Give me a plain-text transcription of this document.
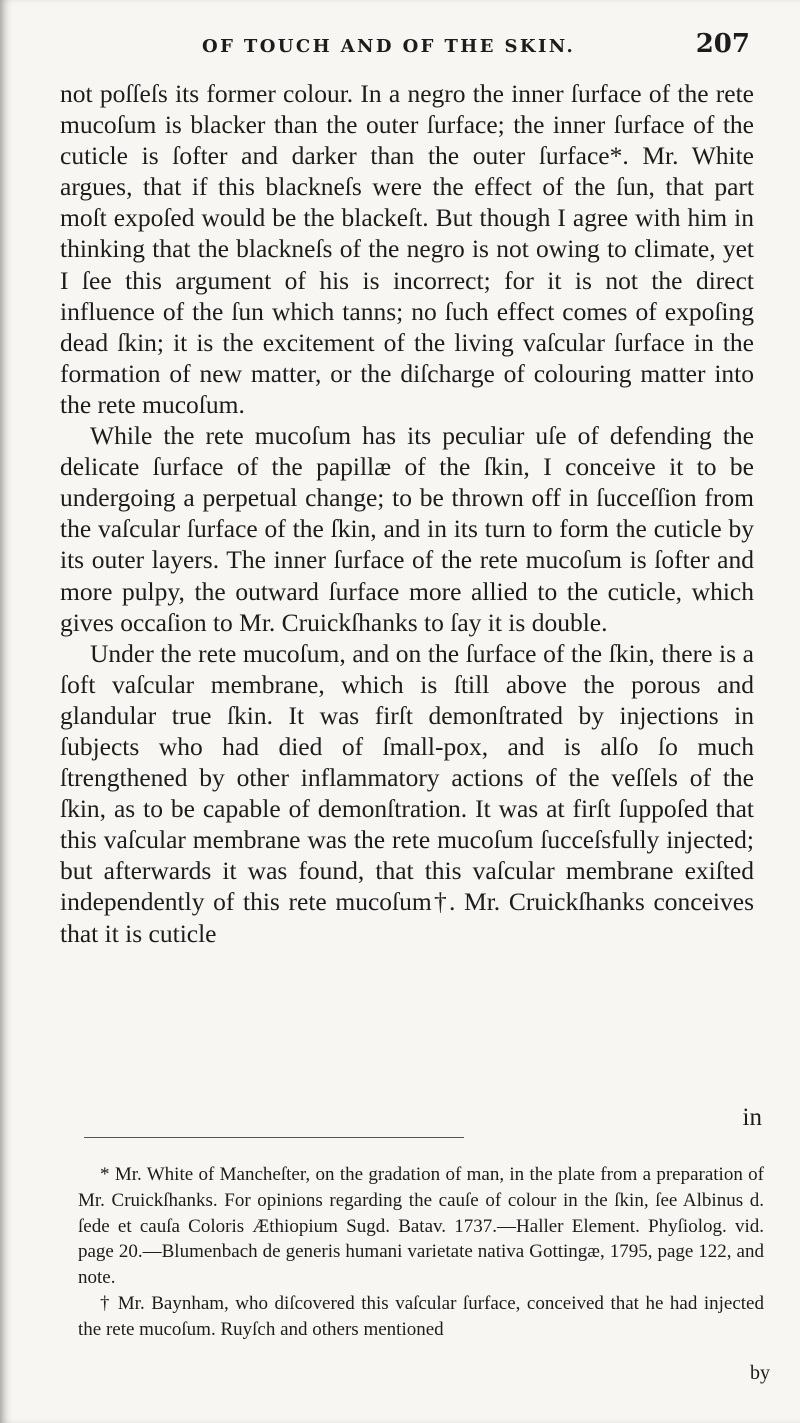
OF TOUCH AND OF THE SKIN.	207

not poſſeſs its former colour. In a negro the inner ſurface of the rete mucoſum is blacker than the outer ſurface; the inner ſurface of the cuticle is ſofter and darker than the outer ſurface*. Mr. White argues, that if this blackneſs were the effect of the ſun, that part moſt expoſed would be the blackeſt. But though I agree with him in thinking that the blackneſs of the negro is not owing to climate, yet I ſee this argument of his is incorrect; for it is not the direct influence of the ſun which tanns; no ſuch effect comes of expoſing dead ſkin; it is the excitement of the living vaſcular ſurface in the formation of new matter, or the diſcharge of colouring matter into the rete mucoſum.

While the rete mucoſum has its peculiar uſe of defending the delicate ſurface of the papillæ of the ſkin, I conceive it to be undergoing a perpetual change; to be thrown off in ſucceſſion from the vaſcular ſurface of the ſkin, and in its turn to form the cuticle by its outer layers. The inner ſurface of the rete mucoſum is ſofter and more pulpy, the outward ſurface more allied to the cuticle, which gives occaſion to Mr. Cruickſhanks to ſay it is double.

Under the rete mucoſum, and on the ſurface of the ſkin, there is a ſoft vaſcular membrane, which is ſtill above the porous and glandular true ſkin. It was firſt demonſtrated by injections in ſubjects who had died of ſmall-pox, and is alſo ſo much ſtrengthened by other inflammatory actions of the veſſels of the ſkin, as to be capable of demonſtration. It was at firſt ſuppoſed that this vaſcular membrane was the rete mucoſum ſucceſsfully injected; but afterwards it was found, that this vaſcular membrane exiſted independently of this rete mucoſum†. Mr. Cruickſhanks conceives that it is cuticle

in

* Mr. White of Mancheſter, on the gradation of man, in the plate from a preparation of Mr. Cruickſhanks. For opinions regarding the cauſe of colour in the ſkin, ſee Albinus d. ſede et cauſa Coloris Æthiopium Sugd. Batav. 1737.—Haller Element. Phyſiolog. vid. page 20.—Blumenbach de generis humani varietate nativa Gottingæ, 1795, page 122, and note.

† Mr. Baynham, who diſcovered this vaſcular ſurface, conceived that he had injected the rete mucoſum. Ruyſch and others mentioned

by
